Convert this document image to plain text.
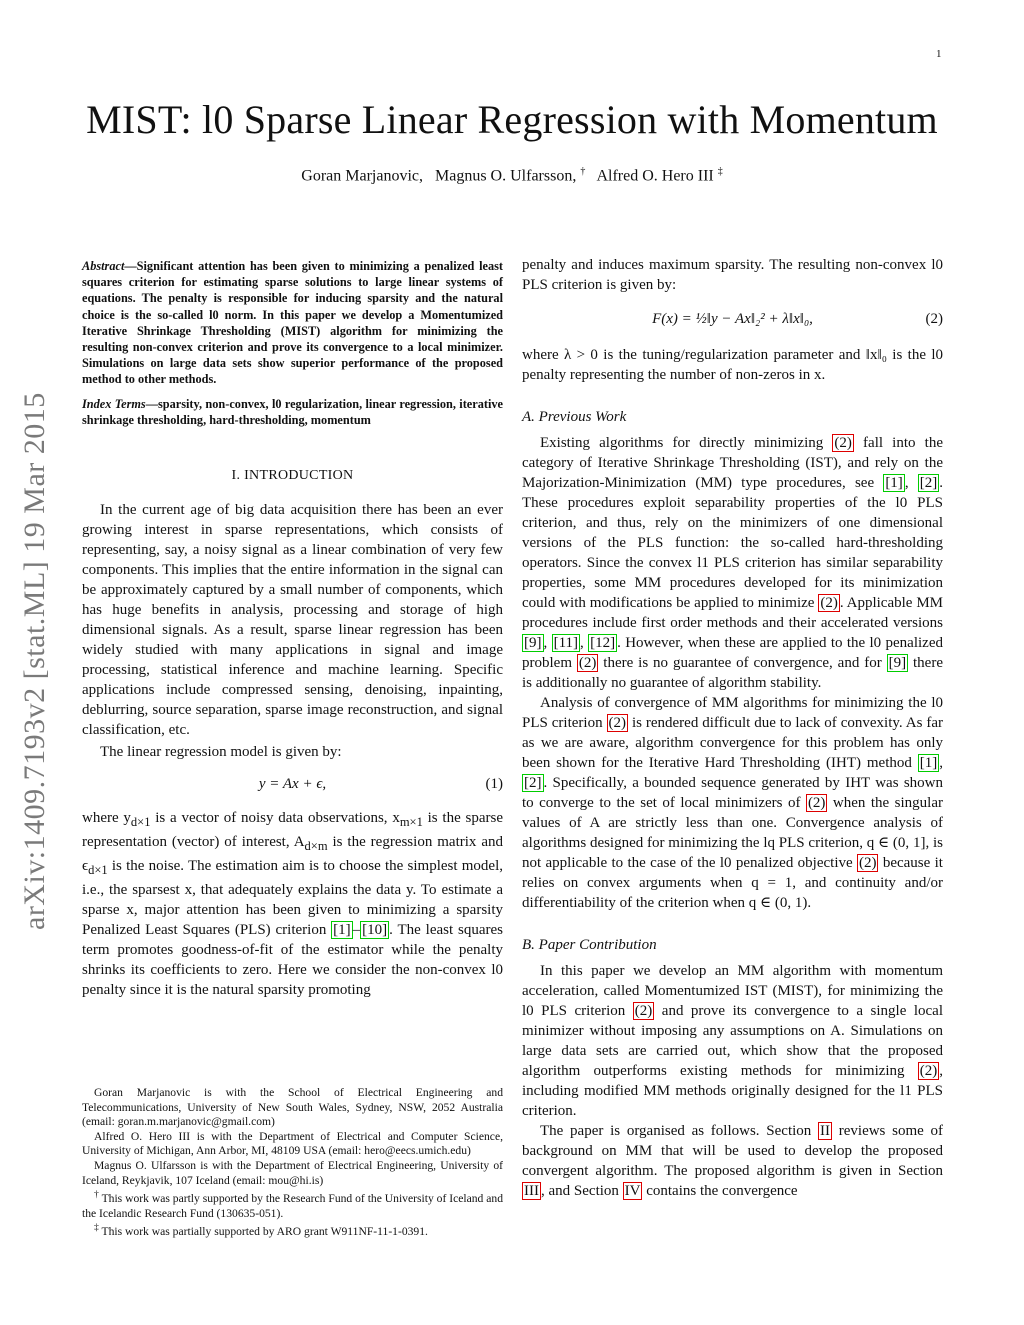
1
MIST: l0 Sparse Linear Regression with Momentum
Goran Marjanovic, Magnus O. Ulfarsson, † Alfred O. Hero III ‡
arXiv:1409.7193v2 [stat.ML] 19 Mar 2015
Abstract—Significant attention has been given to minimizing a penalized least squares criterion for estimating sparse solutions to large linear systems of equations. The penalty is responsible for inducing sparsity and the natural choice is the so-called l0 norm. In this paper we develop a Momentumized Iterative Shrinkage Thresholding (MIST) algorithm for minimizing the resulting non-convex criterion and prove its convergence to a local minimizer. Simulations on large data sets show superior performance of the proposed method to other methods.
Index Terms—sparsity, non-convex, l0 regularization, linear regression, iterative shrinkage thresholding, hard-thresholding, momentum
I. INTRODUCTION

In the current age of big data acquisition there has been an ever growing interest in sparse representations, which consists of representing, say, a noisy signal as a linear combination of very few components. This implies that the entire information in the signal can be approximately captured by a small number of components, which has huge benefits in analysis, processing and storage of high dimensional signals. As a result, sparse linear regression has been widely studied with many applications in signal and image processing, statistical inference and machine learning. Specific applications include compressed sensing, denoising, inpainting, deblurring, source separation, sparse image reconstruction, and signal classification, etc.

The linear regression model is given by:

y = Ax + ϵ,	(1)

where $y_{d\times 1}$ is a vector of noisy data observations, $x_{m\times 1}$ is the sparse representation (vector) of interest, $A_{d\times m}$ is the regression matrix and $\epsilon_{d\times 1}$ is the noise. The estimation aim is to choose the simplest model, i.e., the sparsest x, that adequately explains the data y. To estimate a sparse x, major attention has been given to minimizing a sparsity Penalized Least Squares (PLS) criterion [1] – [10] . The least squares term promotes goodness-of-fit of the estimator while the penalty shrinks its coefficients to zero. Here we consider the non-convex l0 penalty since it is the natural sparsity promoting

Goran Marjanovic is with the School of Electrical Engineering and Telecommunications, University of New South Wales, Sydney, NSW, 2052 Australia (email: goran.m.marjanovic@gmail.com)

Alfred O. Hero III is with the Department of Electrical and Computer Science, University of Michigan, Ann Arbor, MI, 48109 USA (email: hero@eecs.umich.edu)

Magnus O. Ulfarsson is with the Department of Electrical Engineering, University of Iceland, Reykjavik, 107 Iceland (email: mou@hi.is)

† This work was partly supported by the Research Fund of the University of Iceland and the Icelandic Research Fund (130635-051).

‡ This work was partially supported by ARO grant W911NF-11-1-0391.

penalty and induces maximum sparsity. The resulting non-convex l0 PLS criterion is given by:

F(x) = ½‖y − Ax‖₂² + λ‖x‖₀,	(2)

where λ > 0 is the tuning/regularization parameter and ‖x‖₀ is the l0 penalty representing the number of non-zeros in x.

A. Previous Work

Existing algorithms for directly minimizing (2) fall into the category of Iterative Shrinkage Thresholding (IST), and rely on the Majorization-Minimization (MM) type procedures, see [1] , [2] . These procedures exploit separability properties of the l0 PLS criterion, and thus, rely on the minimizers of one dimensional versions of the PLS function: the so-called hard-thresholding operators. Since the convex l1 PLS criterion has similar separability properties, some MM procedures developed for its minimization could with modifications be applied to minimize (2) . Applicable MM procedures include first order methods and their accelerated versions [9] , [11] , [12] . However, when these are applied to the l0 penalized problem (2) there is no guarantee of convergence, and for [9] there is additionally no guarantee of algorithm stability.

Analysis of convergence of MM algorithms for minimizing the l0 PLS criterion (2) is rendered difficult due to lack of convexity. As far as we are aware, algorithm convergence for this problem has only been shown for the Iterative Hard Thresholding (IHT) method [1] , [2] . Specifically, a bounded sequence generated by IHT was shown to converge to the set of local minimizers of (2) when the singular values of A are strictly less than one. Convergence analysis of algorithms designed for minimizing the lq PLS criterion, q ∈ (0, 1], is not applicable to the case of the l0 penalized objective (2) because it relies on convex arguments when q = 1, and continuity and/or differentiability of the criterion when q ∈ (0, 1).

B. Paper Contribution

In this paper we develop an MM algorithm with momentum acceleration, called Momentumized IST (MIST), for minimizing the l0 PLS criterion (2) and prove its convergence to a single local minimizer without imposing any assumptions on A. Simulations on large data sets are carried out, which show that the proposed algorithm outperforms existing methods for minimizing (2) , including modified MM methods originally designed for the l1 PLS criterion.

The paper is organised as follows. Section II reviews some of background on MM that will be used to develop the proposed convergent algorithm. The proposed algorithm is given in Section III , and Section IV contains the convergence
